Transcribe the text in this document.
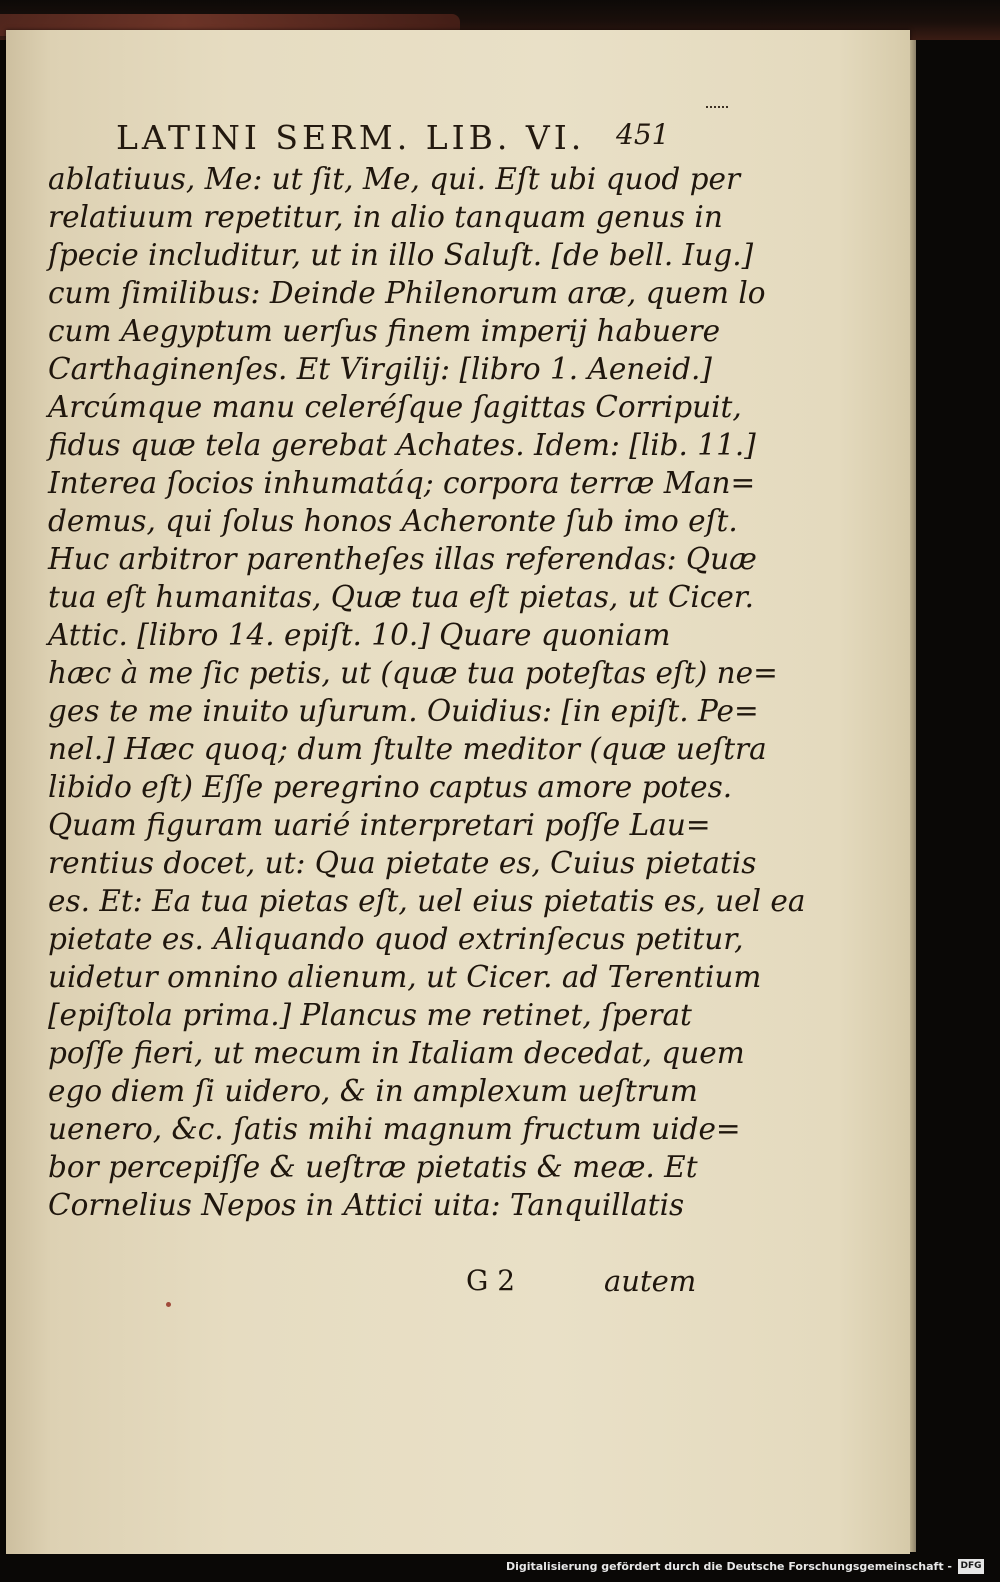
LATINI SERM. LIB. VI. 451
ablatiuus, Me: ut ſit, Me, qui. Eſt ubi quod per
relatiuum repetitur, in alio tanquam genus in
ſpecie includitur, ut in illo Saluſt. [de bell. Iug.]
cum ſimilibus: Deinde Philenorum aræ, quem lo
cum Aegyptum uerſus finem imperij habuere
Carthaginenſes. Et Virgilij: [libro 1. Aeneid.]
Arcúmque manu celeréſque ſagittas Corripuit,
fidus quæ tela gerebat Achates. Idem: [lib. 11.]
Interea ſocios inhumatáq; corpora terræ Man=
demus, qui ſolus honos Acheronte ſub imo eſt.
Huc arbitror parentheſes illas referendas: Quæ
tua eſt humanitas, Quæ tua eſt pietas, ut Cicer.
Attic. [libro 14. epiſt. 10.] Quare quoniam
hæc à me ſic petis, ut (quæ tua poteſtas eſt) ne=
ges te me inuito uſurum. Ouidius: [in epiſt. Pe=
nel.] Hæc quoq; dum ſtulte meditor (quæ ueſtra
libido eſt) Eſſe peregrino captus amore potes.
Quam figuram uarié interpretari poſſe Lau=
rentius docet, ut: Qua pietate es, Cuius pietatis
es. Et: Ea tua pietas eſt, uel eius pietatis es, uel ea
pietate es. Aliquando quod extrinſecus petitur,
uidetur omnino alienum, ut Cicer. ad Terentium
[epiſtola prima.] Plancus me retinet, ſperat
poſſe fieri, ut mecum in Italiam decedat, quem
ego diem ſi uidero, & in amplexum ueſtrum
uenero, &c. ſatis mihi magnum fructum uide=
bor percepiſſe & ueſtræ pietatis & meæ. Et
Cornelius Nepos in Attici uita: Tanquillatis
G 2	autem
Digitalisierung gefördert durch die Deutsche Forschungsgemeinschaft - DFG
